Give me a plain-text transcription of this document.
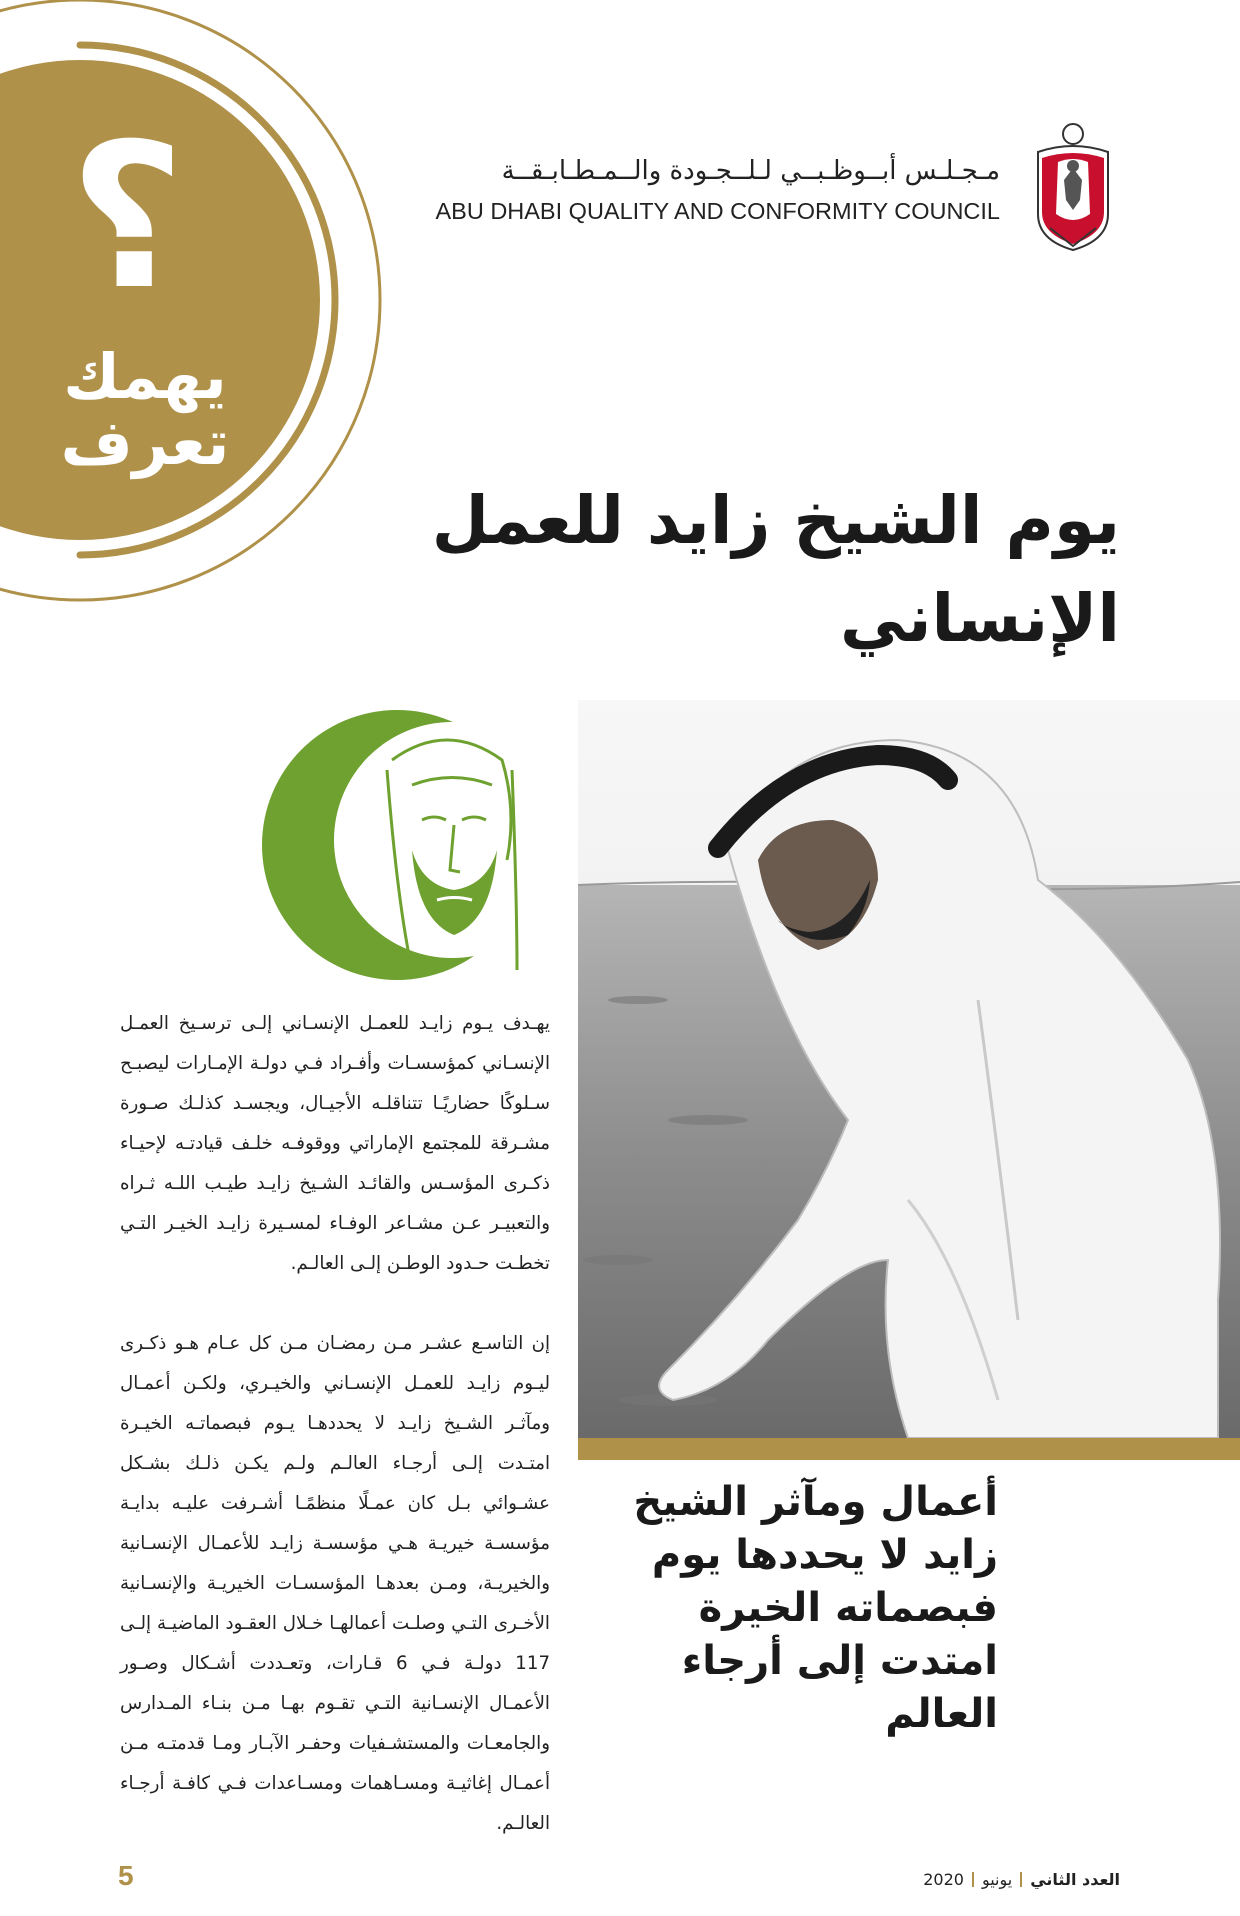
؟
يهمك
تعرف
مـجـلـس أبــوظـبــي لـلــجـودة والــمـطـابـقــة
ABU DHABI QUALITY AND CONFORMITY COUNCIL
يوم الشيخ زايد للعمل الإنساني

أعمال ومآثر الشيخ زايد لا يحددها يوم فبصماته الخيرة امتدت إلى أرجاء العالم

يهـدف يـوم زايـد للعمـل الإنسـاني إلـى ترسـيخ العمـل الإنسـاني كمؤسسـات وأفـراد فـي دولـة الإمـارات ليصبـح سـلوكًا حضاريًـا تتناقلـه الأجيـال، ويجسـد كذلـك صـورة مشـرقة للمجتمع الإماراتي ووقوفـه خلـف قيادتـه لإحيـاء ذكـرى المؤسـس والقائـد الشـيخ زايـد طيـب اللـه ثـراه والتعبيـر عـن مشـاعر الوفـاء لمسـيرة زايـد الخيـر التـي تخطـت حـدود الوطـن إلـى العالـم.

إن التاسـع عشـر مـن رمضـان مـن كل عـام هـو ذكـرى ليـوم زايـد للعمـل الإنسـاني والخيـري، ولكـن أعمـال ومآثـر الشـيخ زايـد لا يحددهـا يـوم فبصماتـه الخيـرة امتـدت إلـى أرجـاء العالـم ولـم يكـن ذلـك بشـكل عشـوائي بـل كان عمـلًا منظمًـا أشـرفت عليـه بدايـة مؤسسـة خيريـة هـي مؤسسـة زايـد للأعمـال الإنسـانية والخيريـة، ومـن بعدهـا المؤسسـات الخيريـة والإنسـانية الأخـرى التـي وصلـت أعمالهـا خـلال العقـود الماضيـة إلـى 117 دولـة فـي 6 قـارات، وتعـددت أشـكال وصـور الأعمـال الإنسـانية التـي تقـوم بهـا مـن بنـاء المـدارس والجامعـات والمستشـفيات وحفـر الآبـار ومـا قدمتـه مـن أعمـال إغاثيـة ومسـاهمات ومسـاعدات فـي كافـة أرجـاء العالـم.

5	العدد الثانييونيو2020
